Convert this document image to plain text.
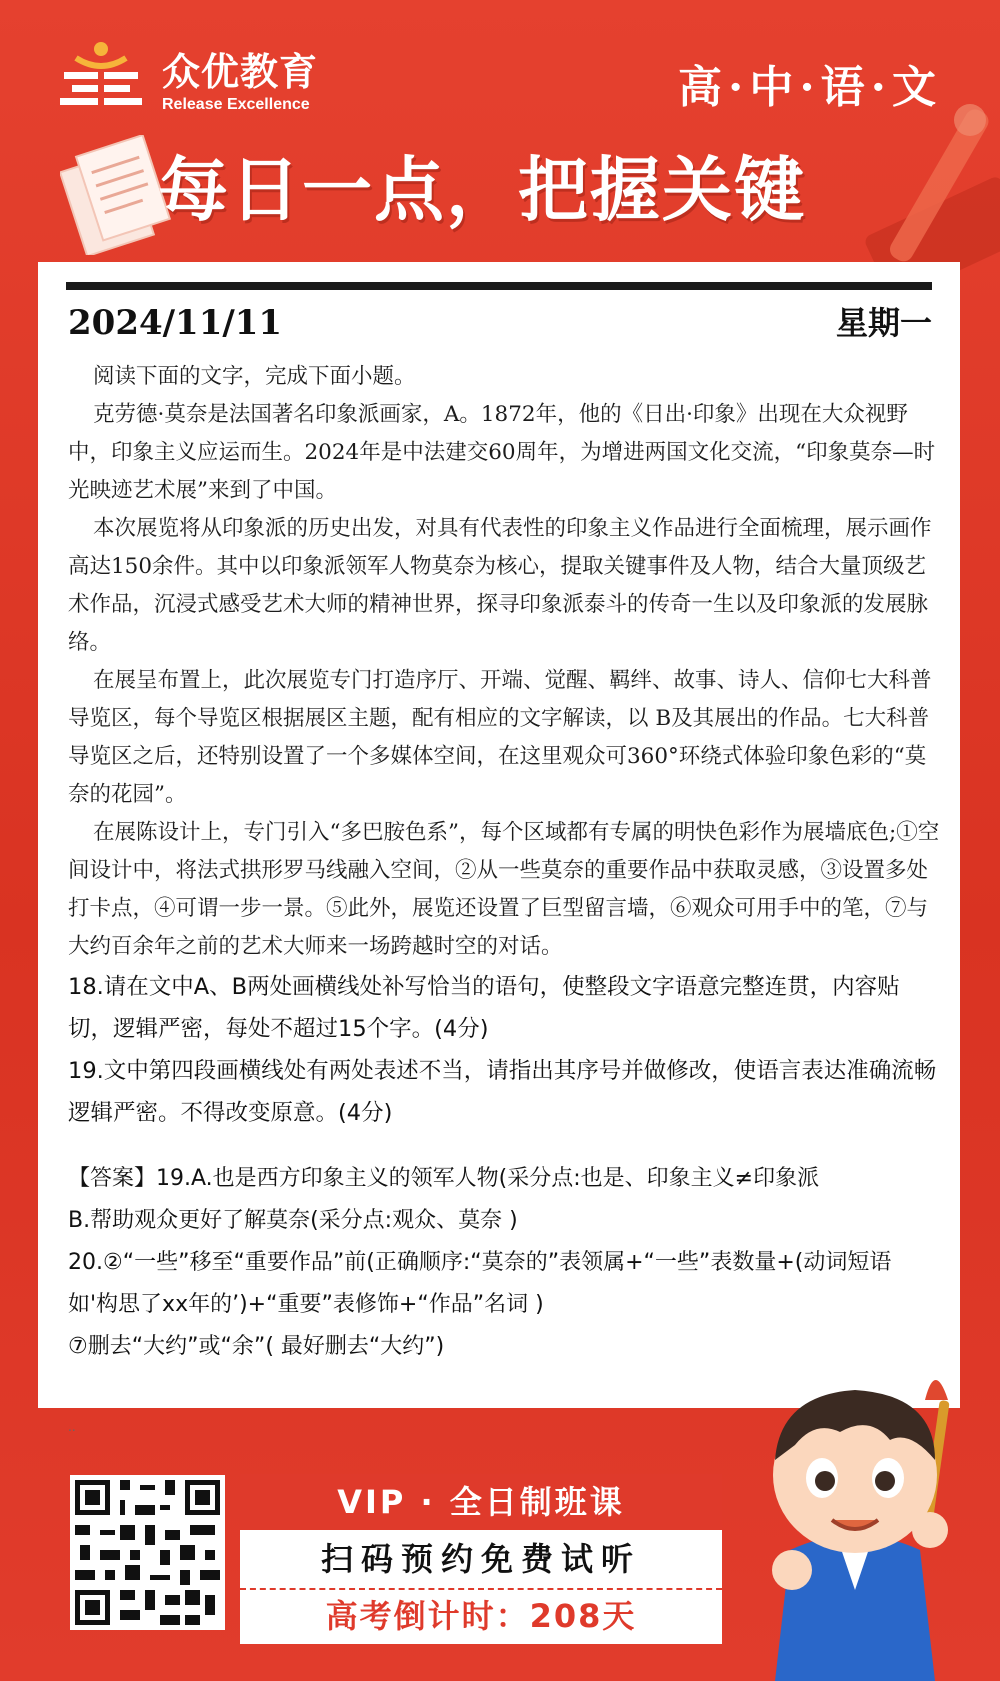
众优教育
Release Excellence	高·中·语·文
每日一点，把握关键
2024/11/11	星期一

阅读下面的文字，完成下面小题。

克劳德·莫奈是法国著名印象派画家，A。1872年，他的《日出·印象》出现在大众视野中，印象主义应运而生。2024年是中法建交60周年，为增进两国文化交流，“印象莫奈—时光映迹艺术展”来到了中国。

本次展览将从印象派的历史出发，对具有代表性的印象主义作品进行全面梳理，展示画作高达150余件。其中以印象派领军人物莫奈为核心，提取关键事件及人物，结合大量顶级艺术作品，沉浸式感受艺术大师的精神世界，探寻印象派泰斗的传奇一生以及印象派的发展脉络。

在展呈布置上，此次展览专门打造序厅、开端、觉醒、羁绊、故事、诗人、信仰七大科普导览区，每个导览区根据展区主题，配有相应的文字解读，以 B及其展出的作品。七大科普导览区之后，还特别设置了一个多媒体空间，在这里观众可360°环绕式体验印象色彩的“莫奈的花园”。

在展陈设计上，专门引入“多巴胺色系”，每个区域都有专属的明快色彩作为展墙底色;①空间设计中，将法式拱形罗马线融入空间，②从一些莫奈的重要作品中获取灵感，③设置多处打卡点，④可谓一步一景。⑤此外，展览还设置了巨型留言墙，⑥观众可用手中的笔，⑦与大约百余年之前的艺术大师来一场跨越时空的对话。

18.请在文中A、B两处画横线处补写恰当的语句，使整段文字语意完整连贯，内容贴切，逻辑严密，每处不超过15个字。(4分)

19.文中第四段画横线处有两处表述不当，请指出其序号并做修改，使语言表达准确流畅逻辑严密。不得改变原意。(4分)

【答案】19.A.也是西方印象主义的领军人物(采分点:也是、印象主义≠印象派

B.帮助观众更好了解莫奈(采分点:观众、莫奈 )

20.②“一些”移至“重要作品”前(正确顺序:“莫奈的”表领属+“一些”表数量+(动词短语如'构思了xx年的’)+“重要”表修饰+“作品”名词 )

⑦删去“大约”或“余”( 最好删去“大约”)

..
VIP · 全日制班课
扫码预约免费试听
高考倒计时：208天
